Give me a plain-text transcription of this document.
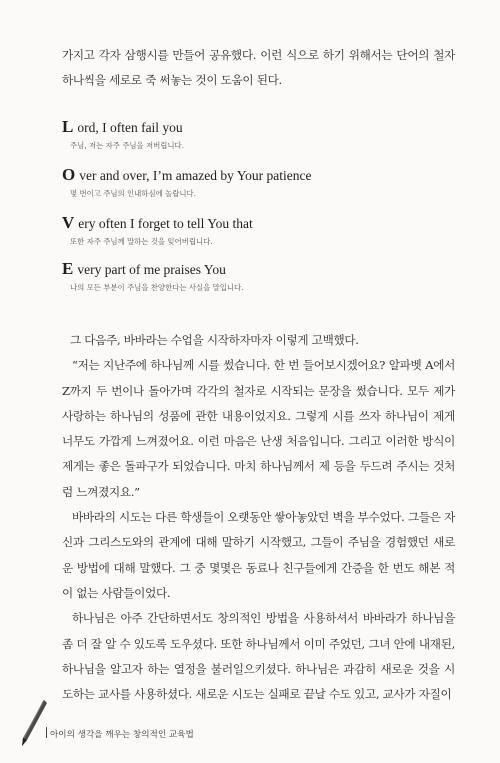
가지고 각자 삼행시를 만들어 공유했다. 이런 식으로 하기 위해서는 단어의 철자 하나씩을 세로로 죽 써놓는 것이 도움이 된다.

L ord, I often fail you
주님, 저는 자주 주님을 저버립니다.
O ver and over, I’m amazed by Your patience
몇 번이고 주님의 인내하심에 놀랍니다.
V ery often I forget to tell You that
또한 자주 주님께 말하는 것을 잊어버립니다.
E very part of me praises You
나의 모든 부분이 주님을 찬양한다는 사실을 말입니다.

그 다음주, 바바라는 수업을 시작하자마자 이렇게 고백했다.

“저는 지난주에 하나님께 시를 썼습니다. 한 번 들어보시겠어요? 알파벳 A에서 Z까지 두 번이나 돌아가며 각각의 철자로 시작되는 문장을 썼습니다. 모두 제가 사랑하는 하나님의 성품에 관한 내용이었지요. 그렇게 시를 쓰자 하나님이 제게 너무도 가깝게 느껴졌어요. 이런 마음은 난생 처음입니다. 그리고 이러한 방식이 제게는 좋은 돌파구가 되었습니다. 마치 하나님께서 제 등을 두드려 주시는 것처럼 느껴졌지요.”

바바라의 시도는 다른 학생들이 오랫동안 쌓아놓았던 벽을 부수었다. 그들은 자신과 그리스도와의 관계에 대해 말하기 시작했고, 그들이 주님을 경험했던 새로운 방법에 대해 말했다. 그 중 몇몇은 동료나 친구들에게 간증을 한 번도 해본 적이 없는 사람들이었다.

하나님은 아주 간단하면서도 창의적인 방법을 사용하셔서 바바라가 하나님을 좀 더 잘 알 수 있도록 도우셨다. 또한 하나님께서 이미 주었던, 그녀 안에 내재된, 하나님을 알고자 하는 열정을 불러일으키셨다. 하나님은 과감히 새로운 것을 시도하는 교사를 사용하셨다. 새로운 시도는 실패로 끝날 수도 있고, 교사가 자질이

아이의 생각을 깨우는 창의적인 교육법
